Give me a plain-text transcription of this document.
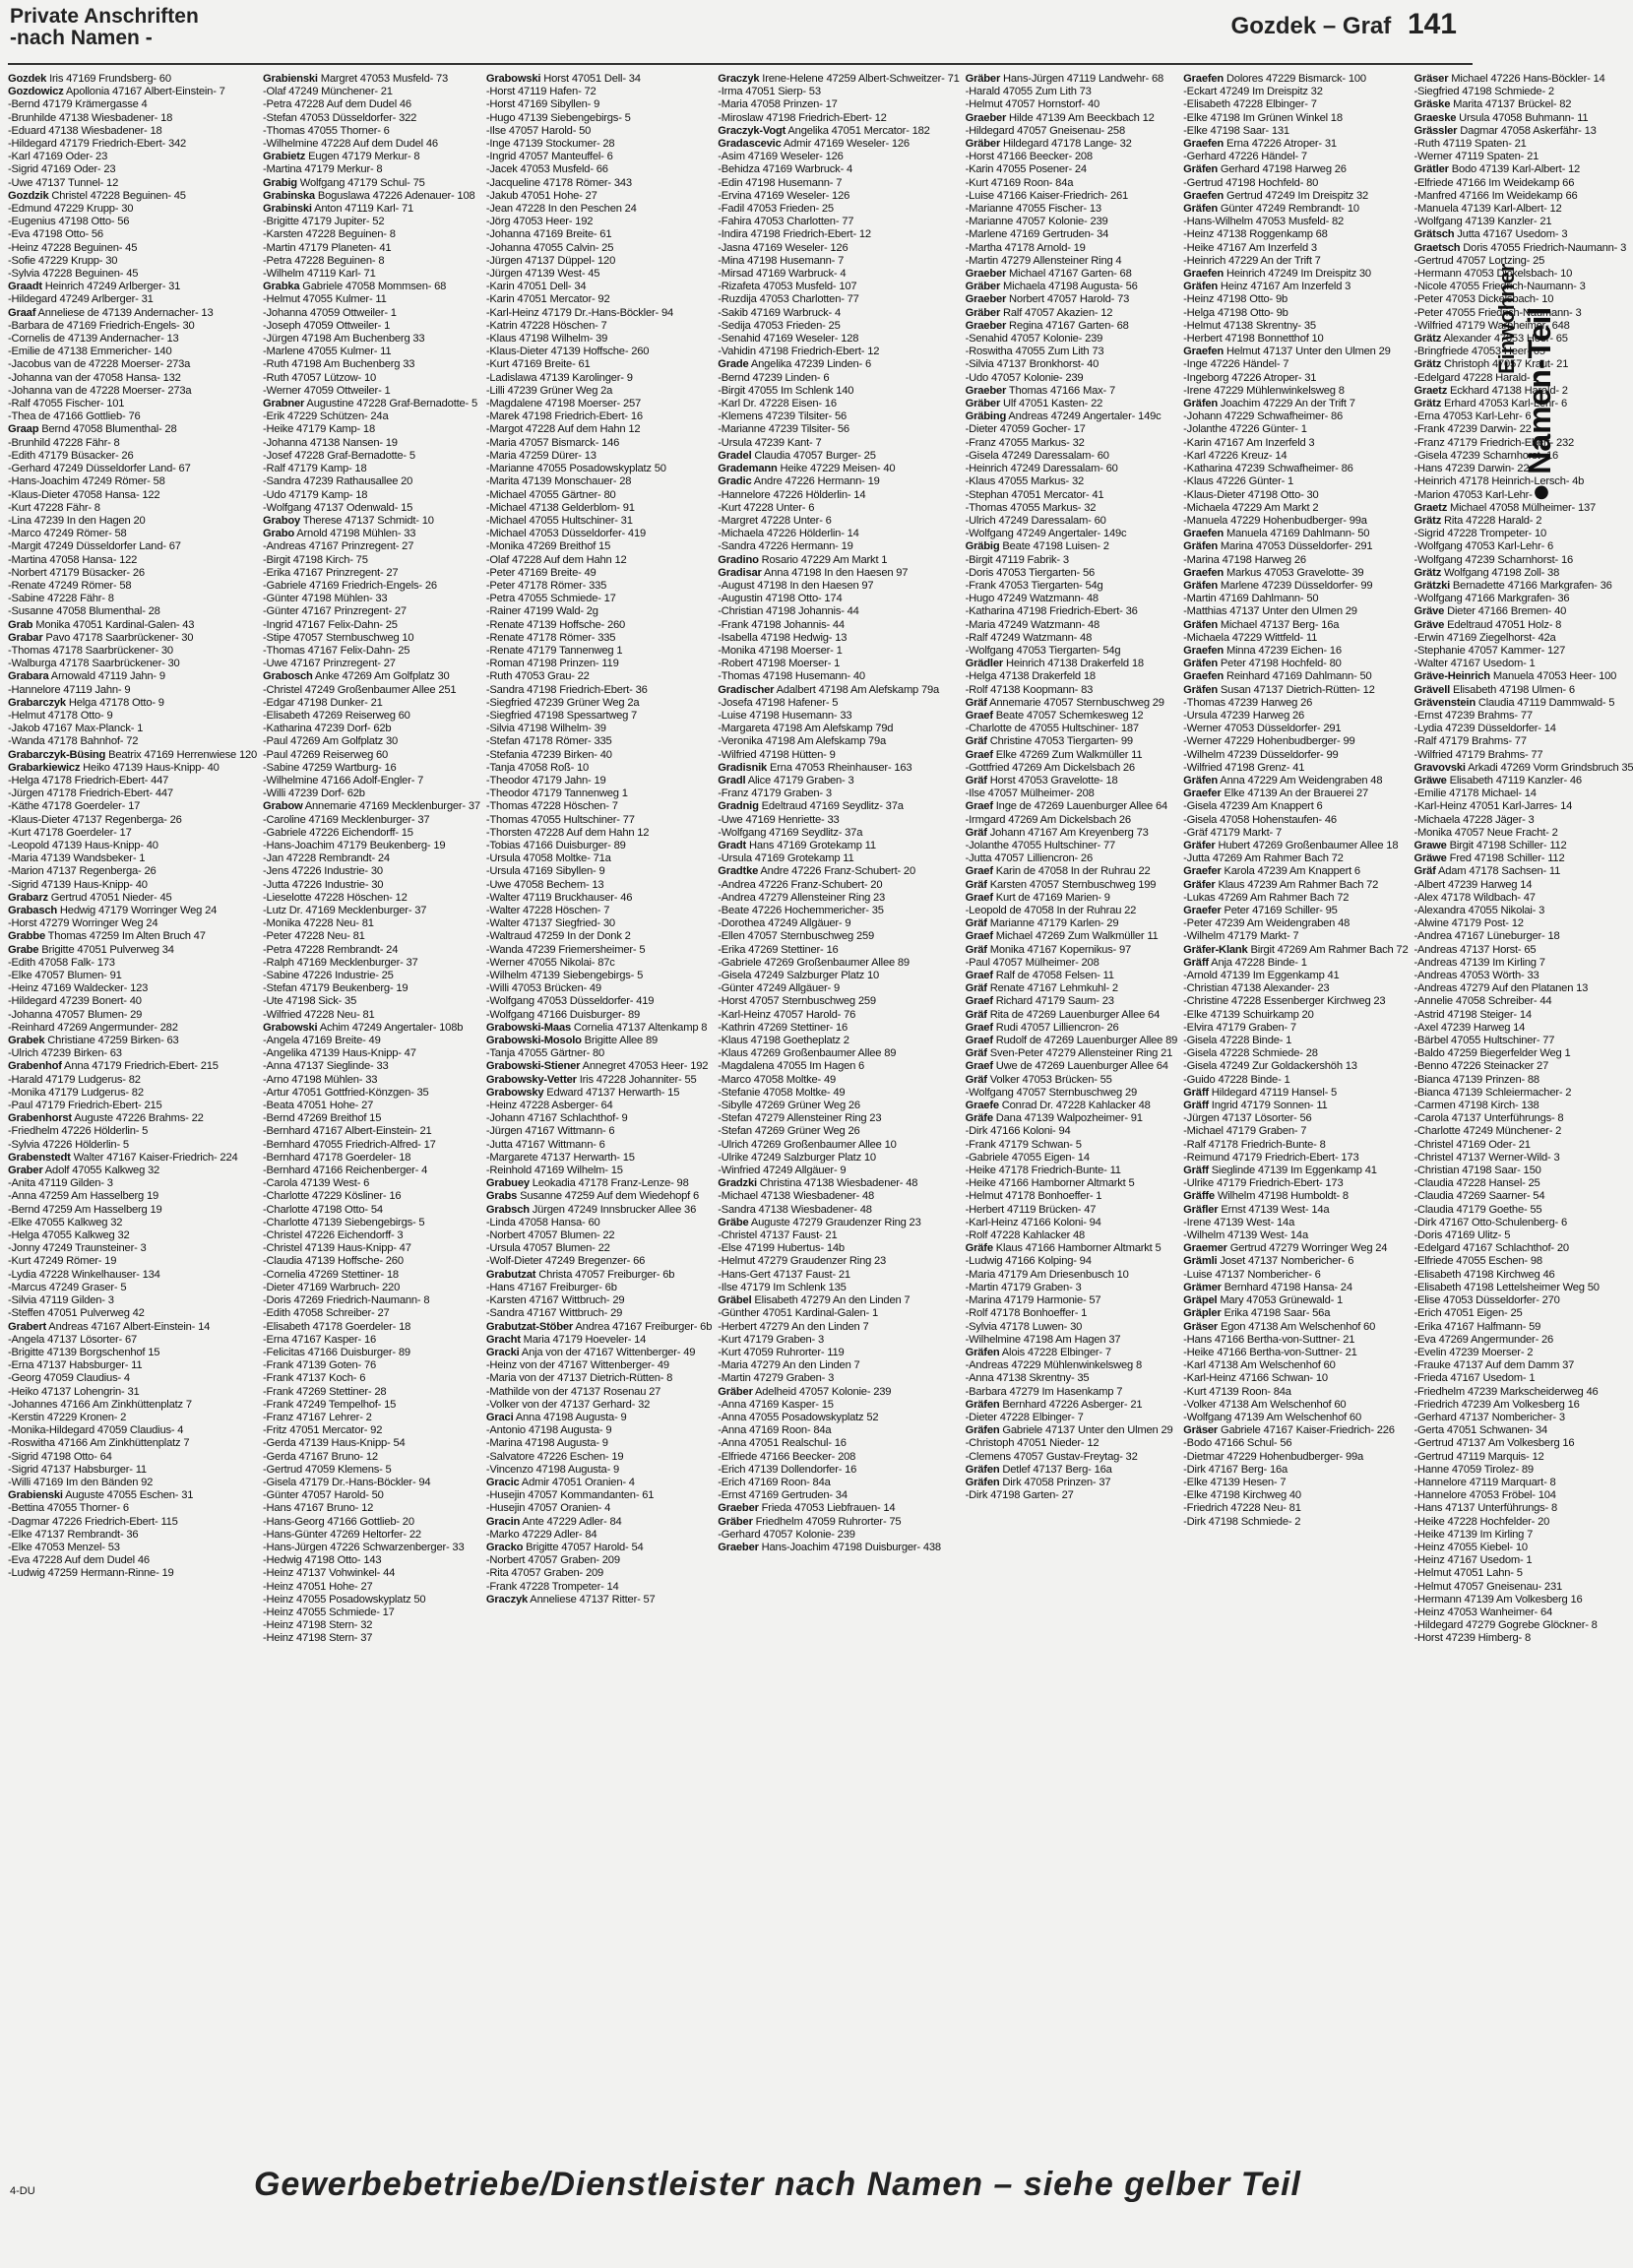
Private Anschriften
-nach Namen -	Gozdek – Graf 141
Einwohner ● Namen-Teil
Gozdek Iris 47169 Frundsberg- 60
Gozdowicz Apollonia 47167 Albert-Einstein- 7
-Bernd 47179 Krämergasse 4
-Brunhilde 47138 Wiesbadener- 18
-Eduard 47138 Wiesbadener- 18
-Hildegard 47179 Friedrich-Ebert- 342
-Karl 47169 Oder- 23
-Sigrid 47169 Oder- 23
-Uwe 47137 Tunnel- 12
Gozdzik Christel 47228 Beguinen- 45
-Edmund 47229 Krupp- 30
-Eugenius 47198 Otto- 56
-Eva 47198 Otto- 56
-Heinz 47228 Beguinen- 45
-Sofie 47229 Krupp- 30
-Sylvia 47228 Beguinen- 45
Graadt Heinrich 47249 Arlberger- 31
-Hildegard 47249 Arlberger- 31
Graaf Anneliese de 47139 Andernacher- 13
-Barbara de 47169 Friedrich-Engels- 30
-Cornelis de 47139 Andernacher- 13
-Emilie de 47138 Emmericher- 140
-Jacobus van de 47228 Moerser- 273a
-Johanna van der 47058 Hansa- 132
-Johanna van de 47228 Moerser- 273a
-Ralf 47055 Fischer- 101
-Thea de 47166 Gottlieb- 76
Graap Bernd 47058 Blumenthal- 28
-Brunhild 47228 Fähr- 8
-Edith 47179 Büsacker- 26
-Gerhard 47249 Düsseldorfer Land- 67
-Hans-Joachim 47249 Römer- 58
-Klaus-Dieter 47058 Hansa- 122
-Kurt 47228 Fähr- 8
-Lina 47239 In den Hagen 20
-Marco 47249 Römer- 58
-Margit 47249 Düsseldorfer Land- 67
-Martina 47058 Hansa- 122
-Norbert 47179 Büsacker- 26
-Renate 47249 Römer- 58
-Sabine 47228 Fähr- 8
-Susanne 47058 Blumenthal- 28
Grab Monika 47051 Kardinal-Galen- 43
Grabar Pavo 47178 Saarbrückener- 30
-Thomas 47178 Saarbrückener- 30
-Walburga 47178 Saarbrückener- 30
Grabara Arnowald 47119 Jahn- 9
-Hannelore 47119 Jahn- 9
Grabarczyk Helga 47178 Otto- 9
-Helmut 47178 Otto- 9
-Jakob 47167 Max-Planck- 1
-Wanda 47178 Bahnhof- 72
Grabarczyk-Büsing Beatrix 47169 Herrenwiese 120
Grabarkiewicz Heiko 47139 Haus-Knipp- 40
-Helga 47178 Friedrich-Ebert- 447
-Jürgen 47178 Friedrich-Ebert- 447
-Käthe 47178 Goerdeler- 17
-Klaus-Dieter 47137 Regenberga- 26
-Kurt 47178 Goerdeler- 17
-Leopold 47139 Haus-Knipp- 40
-Maria 47139 Wandsbeker- 1
-Marion 47137 Regenberga- 26
-Sigrid 47139 Haus-Knipp- 40
Grabarz Gertrud 47051 Nieder- 45
Grabasch Hedwig 47179 Worringer Weg 24
-Horst 47279 Worringer Weg 24
Grabbe Thomas 47259 Im Alten Bruch 47
Grabe Brigitte 47051 Pulverweg 34
-Edith 47058 Falk- 173
-Elke 47057 Blumen- 91
-Heinz 47169 Waldecker- 123
-Hildegard 47239 Bonert- 40
-Johanna 47057 Blumen- 29
-Reinhard 47269 Angermunder- 282
Grabek Christiane 47259 Birken- 63
-Ulrich 47239 Birken- 63
Grabenhof Anna 47179 Friedrich-Ebert- 215
-Harald 47179 Ludgerus- 82
-Monika 47179 Ludgerus- 82
-Paul 47179 Friedrich-Ebert- 215
Grabenhorst Auguste 47226 Brahms- 22
-Friedhelm 47226 Hölderlin- 5
-Sylvia 47226 Hölderlin- 5
Grabenstedt Walter 47167 Kaiser-Friedrich- 224
Graber Adolf 47055 Kalkweg 32
-Anita 47119 Gilden- 3
-Anna 47259 Am Hasselberg 19
-Bernd 47259 Am Hasselberg 19
-Elke 47055 Kalkweg 32
-Helga 47055 Kalkweg 32
-Jonny 47249 Traunsteiner- 3
-Kurt 47249 Römer- 19
-Lydia 47228 Winkelhauser- 134
-Marcus 47249 Graser- 5
-Silvia 47119 Gilden- 3
-Steffen 47051 Pulverweg 42
Grabert Andreas 47167 Albert-Einstein- 14
-Angela 47137 Lösorter- 67
-Brigitte 47139 Borgschenhof 15
-Erna 47137 Habsburger- 11
-Georg 47059 Claudius- 4
-Heiko 47137 Lohengrin- 31
-Johannes 47166 Am Zinkhüttenplatz 7
-Kerstin 47229 Kronen- 2
-Monika-Hildegard 47059 Claudius- 4
-Roswitha 47166 Am Zinkhüttenplatz 7
-Sigrid 47198 Otto- 64
-Sigrid 47137 Habsburger- 11
-Willi 47169 Im den Bänden 92
Grabienski Auguste 47055 Eschen- 31
-Bettina 47055 Thorner- 6
-Dagmar 47226 Friedrich-Ebert- 115
-Elke 47137 Rembrandt- 36
-Elke 47053 Menzel- 53
-Eva 47228 Auf dem Dudel 46
-Ludwig 47259 Hermann-Rinne- 19
Grabienski Margret 47053 Musfeld- 73
-Olaf 47249 Münchener- 21
-Petra 47228 Auf dem Dudel 46
-Stefan 47053 Düsseldorfer- 322
-Thomas 47055 Thorner- 6
-Wilhelmine 47228 Auf dem Dudel 46
Grabietz Eugen 47179 Merkur- 8
-Martina 47179 Merkur- 8
Grabig Wolfgang 47179 Schul- 75
Grabinska Boguslawa 47226 Adenauer- 108
Grabinski Anton 47119 Karl- 71
-Brigitte 47179 Jupiter- 52
-Karsten 47228 Beguinen- 8
-Martin 47179 Planeten- 41
-Petra 47228 Beguinen- 8
-Wilhelm 47119 Karl- 71
Grabka Gabriele 47058 Mommsen- 68
-Helmut 47055 Kulmer- 11
-Johanna 47059 Ottweiler- 1
-Joseph 47059 Ottweiler- 1
-Jürgen 47198 Am Buchenberg 33
-Marlene 47055 Kulmer- 11
-Ruth 47198 Am Buchenberg 33
-Ruth 47057 Lützow- 10
-Werner 47059 Ottweiler- 1
Grabner Augustine 47228 Graf-Bernadotte- 5
-Erik 47229 Schützen- 24a
-Heike 47179 Kamp- 18
-Johanna 47138 Nansen- 19
-Josef 47228 Graf-Bernadotte- 5
-Ralf 47179 Kamp- 18
-Sandra 47239 Rathausallee 20
-Udo 47179 Kamp- 18
-Wolfgang 47137 Odenwald- 15
Graboy Therese 47137 Schmidt- 10
Grabo Arnold 47198 Mühlen- 33
-Andreas 47167 Prinzregent- 27
-Birgit 47198 Kirch- 75
-Erika 47167 Prinzregent- 27
-Gabriele 47169 Friedrich-Engels- 26
-Günter 47198 Mühlen- 33
-Günter 47167 Prinzregent- 27
-Ingrid 47167 Felix-Dahn- 25
-Stipe 47057 Sternbuschweg 10
-Thomas 47167 Felix-Dahn- 25
-Uwe 47167 Prinzregent- 27
Grabosch Anke 47269 Am Golfplatz 30
-Christel 47249 Großenbaumer Allee 251
-Edgar 47198 Dunker- 21
-Elisabeth 47269 Reiserweg 60
-Katharina 47239 Dorf- 62b
-Paul 47269 Am Golfplatz 30
-Paul 47269 Reiserweg 60
-Sabine 47259 Wartburg- 16
-Wilhelmine 47166 Adolf-Engler- 7
-Willi 47239 Dorf- 62b
Grabow Annemarie 47169 Mecklenburger- 37
-Caroline 47169 Mecklenburger- 37
-Gabriele 47226 Eichendorff- 15
-Hans-Joachim 47179 Beukenberg- 19
-Jan 47228 Rembrandt- 24
-Jens 47226 Industrie- 30
-Jutta 47226 Industrie- 30
-Lieselotte 47228 Höschen- 12
-Lutz Dr. 47169 Mecklenburger- 37
-Monika 47228 Neu- 81
-Peter 47228 Neu- 81
-Petra 47228 Rembrandt- 24
-Ralph 47169 Mecklenburger- 37
-Sabine 47226 Industrie- 25
-Stefan 47179 Beukenberg- 19
-Ute 47198 Sick- 35
-Wilfried 47228 Neu- 81
Grabowski Achim 47249 Angertaler- 108b
-Angela 47169 Breite- 49
-Angelika 47139 Haus-Knipp- 47
-Anna 47137 Sieglinde- 33
-Arno 47198 Mühlen- 33
-Artur 47051 Gottfried-Könzgen- 35
-Beata 47051 Hohe- 27
-Bernd 47269 Breithof 15
-Bernhard 47167 Albert-Einstein- 21
-Bernhard 47055 Friedrich-Alfred- 17
-Bernhard 47178 Goerdeler- 18
-Bernhard 47166 Reichenberger- 4
-Carola 47139 West- 6
-Charlotte 47229 Kösliner- 16
-Charlotte 47198 Otto- 54
-Charlotte 47139 Siebengebirgs- 5
-Christel 47226 Eichendorff- 3
-Christel 47139 Haus-Knipp- 47
-Claudia 47139 Hoffsche- 260
-Cornelia 47269 Stettiner- 18
-Dieter 47169 Warbruch- 220
-Doris 47269 Friedrich-Naumann- 8
-Edith 47058 Schreiber- 27
-Elisabeth 47178 Goerdeler- 18
-Erna 47167 Kasper- 16
-Felicitas 47166 Duisburger- 89
-Frank 47139 Goten- 76
-Frank 47137 Koch- 6
-Frank 47269 Stettiner- 28
-Frank 47249 Tempelhof- 15
-Franz 47167 Lehrer- 2
-Fritz 47051 Mercator- 92
-Gerda 47139 Haus-Knipp- 54
-Gerda 47167 Bruno- 12
-Gertrud 47059 Klemens- 5
-Gisela 47179 Dr.-Hans-Böckler- 94
-Günter 47057 Harold- 50
-Hans 47167 Bruno- 12
-Hans-Georg 47166 Gottlieb- 20
-Hans-Günter 47269 Heltorfer- 22
-Hans-Jürgen 47226 Schwarzenberger- 33
-Hedwig 47198 Otto- 143
-Heinz 47137 Vohwinkel- 44
-Heinz 47051 Hohe- 27
-Heinz 47055 Posadowskyplatz 50
-Heinz 47055 Schmiede- 17
-Heinz 47198 Stern- 32
-Heinz 47198 Stern- 37
Grabowski Horst 47051 Dell- 34
-Horst 47119 Hafen- 72
-Horst 47169 Sibyllen- 9
-Hugo 47139 Siebengebirgs- 5
-Ilse 47057 Harold- 50
-Inge 47139 Stockumer- 28
-Ingrid 47057 Manteuffel- 6
-Jacek 47053 Musfeld- 66
-Jacqueline 47178 Römer- 343
-Jakub 47051 Hohe- 27
-Jean 47228 In den Peschen 24
-Jörg 47053 Heer- 192
-Johanna 47169 Breite- 61
-Johanna 47055 Calvin- 25
-Jürgen 47137 Düppel- 120
-Jürgen 47139 West- 45
-Karin 47051 Dell- 34
-Karin 47051 Mercator- 92
-Karl-Heinz 47179 Dr.-Hans-Böckler- 94
-Katrin 47228 Höschen- 7
-Klaus 47198 Wilhelm- 39
-Klaus-Dieter 47139 Hoffsche- 260
-Kurt 47169 Breite- 61
-Ladislawa 47139 Karolinger- 9
-Lilli 47239 Grüner Weg 2a
-Magdalene 47198 Moerser- 257
-Marek 47198 Friedrich-Ebert- 16
-Margot 47228 Auf dem Hahn 12
-Maria 47057 Bismarck- 146
-Maria 47259 Dürer- 13
-Marianne 47055 Posadowskyplatz 50
-Marita 47139 Monschauer- 28
-Michael 47055 Gärtner- 80
-Michael 47138 Gelderblom- 91
-Michael 47055 Hultschiner- 31
-Michael 47053 Düsseldorfer- 419
-Monika 47269 Breithof 15
-Olaf 47228 Auf dem Hahn 12
-Peter 47169 Breite- 49
-Peter 47178 Römer- 335
-Petra 47055 Schmiede- 17
-Rainer 47199 Wald- 2g
-Renate 47139 Hoffsche- 260
-Renate 47178 Römer- 335
-Renate 47179 Tannenweg 1
-Roman 47198 Prinzen- 119
-Ruth 47053 Grau- 22
-Sandra 47198 Friedrich-Ebert- 36
-Siegfried 47239 Grüner Weg 2a
-Siegfried 47198 Spessartweg 7
-Silvia 47198 Wilhelm- 39
-Stefan 47178 Römer- 335
-Stefania 47239 Birken- 40
-Tanja 47058 Roß- 10
-Theodor 47179 Jahn- 19
-Theodor 47179 Tannenweg 1
-Thomas 47228 Höschen- 7
-Thomas 47055 Hultschiner- 77
-Thorsten 47228 Auf dem Hahn 12
-Tobias 47166 Duisburger- 89
-Ursula 47058 Moltke- 71a
-Ursula 47169 Sibyllen- 9
-Uwe 47058 Bechem- 13
-Walter 47119 Bruckhauser- 46
-Walter 47228 Höschen- 7
-Walter 47137 Siegfried- 30
-Waltraud 47259 In der Donk 2
-Wanda 47239 Friemersheimer- 5
-Werner 47055 Nikolai- 87c
-Wilhelm 47139 Siebengebirgs- 5
-Willi 47053 Brücken- 49
-Wolfgang 47053 Düsseldorfer- 419
-Wolfgang 47166 Duisburger- 89
Grabowski-Maas Cornelia 47137 Altenkamp 8
Grabowski-Mosolo Brigitte Allee 89
-Tanja 47055 Gärtner- 80
Grabowski-Stiener Annegret 47053 Heer- 192
Grabowsky-Vetter Iris 47228 Johanniter- 55
Grabowsky Edward 47137 Herwarth- 15
-Heinz 47228 Asberger- 64
-Johann 47167 Schlachthof- 9
-Jürgen 47167 Wittmann- 6
-Jutta 47167 Wittmann- 6
-Margarete 47137 Herwarth- 15
-Reinhold 47169 Wilhelm- 15
Grabuey Leokadia 47178 Franz-Lenze- 98
Grabs Susanne 47259 Auf dem Wiedehopf 6
Grabsch Jürgen 47249 Innsbrucker Allee 36
-Linda 47058 Hansa- 60
-Norbert 47057 Blumen- 22
-Ursula 47057 Blumen- 22
-Wolf-Dieter 47249 Bregenzer- 66
Grabutzat Christa 47057 Freiburger- 6b
-Hans 47167 Freiburger- 6b
-Karsten 47167 Wittbruch- 29
-Sandra 47167 Wittbruch- 29
Grabutzat-Stöber Andrea 47167 Freiburger- 6b
Gracht Maria 47179 Hoeveler- 14
Gracki Anja von der 47167 Wittenberger- 49
-Heinz von der 47167 Wittenberger- 49
-Maria von der 47137 Dietrich-Rütten- 8
-Mathilde von der 47137 Rosenau 27
-Volker von der 47137 Gerhard- 32
Graci Anna 47198 Augusta- 9
-Antonio 47198 Augusta- 9
-Marina 47198 Augusta- 9
-Salvatore 47226 Eschen- 19
-Vincenzo 47198 Augusta- 9
Gracic Admir 47051 Oranien- 4
-Husejin 47057 Kommandanten- 61
-Husejin 47057 Oranien- 4
Gracin Ante 47229 Adler- 84
-Marko 47229 Adler- 84
Gracko Brigitte 47057 Harold- 54
-Norbert 47057 Graben- 209
-Rita 47057 Graben- 209
-Frank 47228 Trompeter- 14
Graczyk Anneliese 47137 Ritter- 57
Graczyk Irene-Helene 47259 Albert-Schweitzer- 71
-Irma 47051 Sierp- 53
-Maria 47058 Prinzen- 17
-Miroslaw 47198 Friedrich-Ebert- 12
Graczyk-Vogt Angelika 47051 Mercator- 182
Gradascevic Admir 47169 Weseler- 126
-Asim 47169 Weseler- 126
-Behidza 47169 Warbruck- 4
-Edin 47198 Husemann- 7
-Ervina 47169 Weseler- 126
-Fadil 47053 Frieden- 25
-Fahira 47053 Charlotten- 77
-Indira 47198 Friedrich-Ebert- 12
-Jasna 47169 Weseler- 126
-Mina 47198 Husemann- 7
-Mirsad 47169 Warbruck- 4
-Rizafeta 47053 Musfeld- 107
-Ruzdija 47053 Charlotten- 77
-Sakib 47169 Warbruck- 4
-Sedija 47053 Frieden- 25
-Senahid 47169 Weseler- 128
-Vahidin 47198 Friedrich-Ebert- 12
Grade Angelika 47239 Linden- 6
-Bernd 47239 Linden- 6
-Birgit 47055 Im Schlenk 140
-Karl Dr. 47228 Eisen- 16
-Klemens 47239 Tilsiter- 56
-Marianne 47239 Tilsiter- 56
-Ursula 47239 Kant- 7
Gradel Claudia 47057 Burger- 25
Grademann Heike 47229 Meisen- 40
Gradic Andre 47226 Hermann- 19
-Hannelore 47226 Hölderlin- 14
-Kurt 47228 Unter- 6
-Margret 47228 Unter- 6
-Michaela 47226 Hölderlin- 14
-Sandra 47226 Hermann- 19
Gradino Rosario 47229 Am Markt 1
Gradisar Anna 47198 In den Haesen 97
-August 47198 In den Haesen 97
-Augustin 47198 Otto- 174
-Christian 47198 Johannis- 44
-Frank 47198 Johannis- 44
-Isabella 47198 Hedwig- 13
-Monika 47198 Moerser- 1
-Robert 47198 Moerser- 1
-Thomas 47198 Husemann- 40
Gradischer Adalbert 47198 Am Alefskamp 79a
-Josefa 47198 Hafener- 5
-Luise 47198 Husemann- 33
-Margareta 47198 Am Alefskamp 79d
-Veronika 47198 Am Alefskamp 79a
-Wilfried 47198 Hütten- 9
Gradisnik Erna 47053 Rheinhauser- 163
Gradl Alice 47179 Graben- 3
-Franz 47179 Graben- 3
Gradnig Edeltraud 47169 Seydlitz- 37a
-Uwe 47169 Henriette- 33
-Wolfgang 47169 Seydlitz- 37a
Gradt Hans 47169 Grotekamp 11
-Ursula 47169 Grotekamp 11
Gradtke Andre 47226 Franz-Schubert- 20
-Andrea 47226 Franz-Schubert- 20
-Andrea 47279 Allensteiner Ring 23
-Beate 47226 Hochemmericher- 35
-Dorothea 47249 Allgäuer- 9
-Ellen 47057 Sternbuschweg 259
-Erika 47269 Stettiner- 16
-Gabriele 47269 Großenbaumer Allee 89
-Gisela 47249 Salzburger Platz 10
-Günter 47249 Allgäuer- 9
-Horst 47057 Sternbuschweg 259
-Karl-Heinz 47057 Harold- 76
-Kathrin 47269 Stettiner- 16
-Klaus 47198 Goetheplatz 2
-Klaus 47269 Großenbaumer Allee 89
-Magdalena 47055 Im Hagen 6
-Marco 47058 Moltke- 49
-Stefanie 47058 Moltke- 49
-Sibylle 47269 Grüner Weg 26
-Stefan 47279 Allensteiner Ring 23
-Stefan 47269 Grüner Weg 26
-Ulrich 47269 Großenbaumer Allee 10
-Ulrike 47249 Salzburger Platz 10
-Winfried 47249 Allgäuer- 9
Gradzki Christina 47138 Wiesbadener- 48
-Michael 47138 Wiesbadener- 48
-Sandra 47138 Wiesbadener- 48
Gräbe Auguste 47279 Graudenzer Ring 23
-Christel 47137 Faust- 21
-Else 47199 Hubertus- 14b
-Helmut 47279 Graudenzer Ring 23
-Hans-Gert 47137 Faust- 21
-Ilse 47179 Im Schlenk 135
Gräbel Elisabeth 47279 An den Linden 7
-Günther 47051 Kardinal-Galen- 1
-Herbert 47279 An den Linden 7
-Kurt 47179 Graben- 3
-Kurt 47059 Ruhrorter- 119
-Maria 47279 An den Linden 7
-Martin 47279 Graben- 3
Gräber Adelheid 47057 Kolonie- 239
-Anna 47169 Kasper- 15
-Anna 47055 Posadowskyplatz 52
-Anna 47169 Roon- 84a
-Anna 47051 Realschul- 16
-Elfriede 47166 Beecker- 208
-Erich 47139 Dollendorfer- 16
-Erich 47169 Roon- 84a
-Ernst 47169 Gertruden- 34
Graeber Frieda 47053 Liebfrauen- 14
Gräber Friedhelm 47059 Ruhrorter- 75
-Gerhard 47057 Kolonie- 239
Graeber Hans-Joachim 47198 Duisburger- 438
Gräber Hans-Jürgen 47119 Landwehr- 68
-Harald 47055 Zum Lith 73
-Helmut 47057 Hornstorf- 40
Graeber Hilde 47139 Am Beeckbach 12
-Hildegard 47057 Gneisenau- 258
Gräber Hildegard 47178 Lange- 32
-Horst 47166 Beecker- 208
-Karin 47055 Posener- 24
-Kurt 47169 Roon- 84a
-Luise 47166 Kaiser-Friedrich- 261
-Marianne 47055 Fischer- 13
-Marianne 47057 Kolonie- 239
-Marlene 47169 Gertruden- 34
-Martha 47178 Arnold- 19
-Martin 47279 Allensteiner Ring 4
Graeber Michael 47167 Garten- 68
Gräber Michaela 47198 Augusta- 56
Graeber Norbert 47057 Harold- 73
Gräber Ralf 47057 Akazien- 12
Graeber Regina 47167 Garten- 68
-Senahid 47057 Kolonie- 239
-Roswitha 47055 Zum Lith 73
-Silvia 47137 Bronkhorst- 40
-Udo 47057 Kolonie- 239
Graeber Thomas 47166 Max- 7
Gräber Ulf 47051 Kasten- 22
Gräbing Andreas 47249 Angertaler- 149c
-Dieter 47059 Gocher- 17
-Franz 47055 Markus- 32
-Gisela 47249 Daressalam- 60
-Heinrich 47249 Daressalam- 60
-Klaus 47055 Markus- 32
-Stephan 47051 Mercator- 41
-Thomas 47055 Markus- 32
-Ulrich 47249 Daressalam- 60
-Wolfgang 47249 Angertaler- 149c
Gräbig Beate 47198 Luisen- 2
-Birgit 47119 Fabrik- 3
-Doris 47053 Tiergarten- 56
-Frank 47053 Tiergarten- 54g
-Hugo 47249 Watzmann- 48
-Katharina 47198 Friedrich-Ebert- 36
-Maria 47249 Watzmann- 48
-Ralf 47249 Watzmann- 48
-Wolfgang 47053 Tiergarten- 54g
Grädler Heinrich 47138 Drakerfeld 18
-Helga 47138 Drakerfeld 18
-Rolf 47138 Koopmann- 83
Gräf Annemarie 47057 Sternbuschweg 29
Graef Beate 47057 Schemkesweg 12
-Charlotte de 47055 Hultschiner- 187
Gräf Christine 47053 Tiergarten- 99
Graef Elke 47269 Zum Walkmüller 11
-Gottfried 47269 Am Dickelsbach 26
Gräf Horst 47053 Gravelotte- 18
-Ilse 47057 Mülheimer- 208
Graef Inge de 47269 Lauenburger Allee 64
-Irmgard 47269 Am Dickelsbach 26
Gräf Johann 47167 Am Kreyenberg 73
-Jolanthe 47055 Hultschiner- 77
-Jutta 47057 Lilliencron- 26
Graef Karin de 47058 In der Ruhrau 22
Gräf Karsten 47057 Sternbuschweg 199
Graef Kurt de 47169 Marien- 9
-Leopold de 47058 In der Ruhrau 22
Gräf Marianne 47179 Karlen- 29
Graef Michael 47269 Zum Walkmüller 11
Gräf Monika 47167 Kopernikus- 97
-Paul 47057 Mülheimer- 208
Graef Ralf de 47058 Felsen- 11
Gräf Renate 47167 Lehmkuhl- 2
Graef Richard 47179 Saum- 23
Gräf Rita de 47269 Lauenburger Allee 64
Graef Rudi 47057 Lilliencron- 26
Graef Rudolf de 47269 Lauenburger Allee 89
Gräf Sven-Peter 47279 Allensteiner Ring 21
Graef Uwe de 47269 Lauenburger Allee 64
Gräf Volker 47053 Brücken- 55
-Wolfgang 47057 Sternbuschweg 29
Graefe Conrad Dr. 47228 Kahlacker 48
Gräfe Dana 47139 Walpozheimer- 91
-Dirk 47166 Koloni- 94
-Frank 47179 Schwan- 5
-Gabriele 47055 Eigen- 14
-Heike 47178 Friedrich-Bunte- 11
-Heike 47166 Hamborner Altmarkt 5
-Helmut 47178 Bonhoeffer- 1
-Herbert 47119 Brücken- 47
-Karl-Heinz 47166 Koloni- 94
-Rolf 47228 Kahlacker 48
Gräfe Klaus 47166 Hamborner Altmarkt 5
-Ludwig 47166 Kolping- 94
-Maria 47179 Am Driesenbusch 10
-Martin 47179 Graben- 3
-Marina 47179 Harmonie- 57
-Rolf 47178 Bonhoeffer- 1
-Sylvia 47178 Luwen- 30
-Wilhelmine 47198 Am Hagen 37
Gräfen Alois 47228 Elbinger- 7
-Andreas 47229 Mühlenwinkelsweg 8
-Anna 47138 Skrentny- 35
-Barbara 47279 Im Hasenkamp 7
Gräfen Bernhard 47226 Asberger- 21
-Dieter 47228 Elbinger- 7
Gräfen Gabriele 47137 Unter den Ulmen 29
-Christoph 47051 Nieder- 12
-Clemens 47057 Gustav-Freytag- 32
Gräfen Detlef 47137 Berg- 16a
Gräfen Dirk 47058 Prinzen- 37
-Dirk 47198 Garten- 27
Graefen Dolores 47229 Bismarck- 100
-Eckart 47249 Im Dreispitz 32
-Elisabeth 47228 Elbinger- 7
-Elke 47198 Im Grünen Winkel 18
-Elke 47198 Saar- 131
Graefen Erna 47226 Atroper- 31
-Gerhard 47226 Händel- 7
Gräfen Gerhard 47198 Harweg 26
-Gertrud 47198 Hochfeld- 80
Graefen Gertrud 47249 Im Dreispitz 32
Gräfen Günter 47249 Rembrandt- 10
-Hans-Wilhelm 47053 Musfeld- 82
-Heinz 47138 Roggenkamp 68
-Heike 47167 Am Inzerfeld 3
-Heinrich 47229 An der Trift 7
Graefen Heinrich 47249 Im Dreispitz 30
Gräfen Heinz 47167 Am Inzerfeld 3
-Heinz 47198 Otto- 9b
-Helga 47198 Otto- 9b
-Helmut 47138 Skrentny- 35
-Herbert 47198 Bonnetthof 10
Graefen Helmut 47137 Unter den Ulmen 29
-Inge 47226 Händel- 7
-Ingeborg 47226 Atroper- 31
-Irene 47229 Mühlenwinkelsweg 8
Gräfen Joachim 47229 An der Trift 7
-Johann 47229 Schwafheimer- 86
-Jolanthe 47226 Günter- 1
-Karin 47167 Am Inzerfeld 3
-Karl 47226 Kreuz- 14
-Katharina 47239 Schwafheimer- 86
-Klaus 47226 Günter- 1
-Klaus-Dieter 47198 Otto- 30
-Michaela 47229 Am Markt 2
-Manuela 47229 Hohenbudberger- 99a
Graefen Manuela 47169 Dahlmann- 50
Gräfen Marina 47053 Düsseldorfer- 291
-Marina 47198 Harweg 26
Graefen Markus 47053 Gravelotte- 39
Gräfen Marlene 47239 Düsseldorfer- 99
-Martin 47169 Dahlmann- 50
-Matthias 47137 Unter den Ulmen 29
Gräfen Michael 47137 Berg- 16a
-Michaela 47229 Wittfeld- 11
Graefen Minna 47239 Eichen- 16
Gräfen Peter 47198 Hochfeld- 80
Graefen Reinhard 47169 Dahlmann- 50
Gräfen Susan 47137 Dietrich-Rütten- 12
-Thomas 47239 Harweg 26
-Ursula 47239 Harweg 26
-Werner 47053 Düsseldorfer- 291
-Werner 47229 Hohenbudberger- 99
-Wilhelm 47239 Düsseldorfer- 99
-Wilfried 47198 Grenz- 41
Gräfen Anna 47229 Am Weidengraben 48
Graefer Elke 47139 An der Brauerei 27
-Gisela 47239 Am Knappert 6
-Gisela 47058 Hohenstaufen- 46
-Gräf 47179 Markt- 7
Gräfer Hubert 47269 Großenbaumer Allee 18
-Jutta 47269 Am Rahmer Bach 72
Graefer Karola 47239 Am Knappert 6
Gräfer Klaus 47239 Am Rahmer Bach 72
-Lukas 47269 Am Rahmer Bach 72
Graefer Peter 47169 Schiller- 95
-Peter 47239 Am Weidengraben 48
-Wilhelm 47179 Markt- 7
Gräfer-Klank Birgit 47269 Am Rahmer Bach 72
Gräff Anja 47228 Binde- 1
-Arnold 47139 Im Eggenkamp 41
-Christian 47138 Alexander- 23
-Christine 47228 Essenberger Kirchweg 23
-Elke 47139 Schuirkamp 20
-Elvira 47179 Graben- 7
-Gisela 47228 Binde- 1
-Gisela 47228 Schmiede- 28
-Gisela 47249 Zur Goldackershöh 13
-Guido 47228 Binde- 1
Gräff Hildegard 47119 Hansel- 5
Gräff Ingrid 47179 Sonnen- 11
-Jürgen 47137 Lösorter- 56
-Michael 47179 Graben- 7
-Ralf 47178 Friedrich-Bunte- 8
-Reimund 47179 Friedrich-Ebert- 173
Gräff Sieglinde 47139 Im Eggenkamp 41
-Ulrike 47179 Friedrich-Ebert- 173
Gräffe Wilhelm 47198 Humboldt- 8
Gräfler Ernst 47139 West- 14a
-Irene 47139 West- 14a
-Wilhelm 47139 West- 14a
Graemer Gertrud 47279 Worringer Weg 24
Grämli Joset 47137 Nombericher- 6
-Luise 47137 Nombericher- 6
Grämer Bernhard 47198 Hansa- 24
Gräpel Mary 47053 Grünewald- 1
Gräpler Erika 47198 Saar- 56a
Gräser Egon 47138 Am Welschenhof 60
-Hans 47166 Bertha-von-Suttner- 21
-Heike 47166 Bertha-von-Suttner- 21
-Karl 47138 Am Welschenhof 60
-Karl-Heinz 47166 Schwan- 10
-Kurt 47139 Roon- 84a
-Volker 47138 Am Welschenhof 60
-Wolfgang 47139 Am Welschenhof 60
Gräser Gabriele 47167 Kaiser-Friedrich- 226
-Bodo 47166 Schul- 56
-Dietmar 47229 Hohenbudberger- 99a
-Dirk 47167 Berg- 16a
-Elke 47139 Hesen- 7
-Elke 47198 Kirchweg 40
-Friedrich 47228 Neu- 81
-Dirk 47198 Schmiede- 2
Gräser Michael 47226 Hans-Böckler- 14
-Siegfried 47198 Schmiede- 2
Gräske Marita 47137 Brückel- 82
Graeske Ursula 47058 Buhmann- 11
Grässler Dagmar 47058 Askerfähr- 13
-Ruth 47119 Spaten- 21
-Werner 47119 Spaten- 21
Grätler Bodo 47139 Karl-Albert- 12
-Elfriede 47166 Im Weidekamp 66
-Manfred 47166 Im Weidekamp 66
-Manuela 47139 Karl-Albert- 12
-Wolfgang 47139 Kanzler- 21
Grätsch Jutta 47167 Usedom- 3
Graetsch Doris 47055 Friedrich-Naumann- 3
-Gertrud 47057 Lortzing- 25
-Hermann 47053 Dickelsbach- 10
-Nicole 47055 Friedrich-Naumann- 3
-Peter 47053 Dickelsbach- 10
-Peter 47055 Friedrich-Naumann- 3
-Wilfried 47179 Warnheimer- 648
Grätz Alexander 47053 Heer- 65
-Bringfriede 47053 Heer- 65
Grätz Christoph 47057 Kraut- 21
-Edelgard 47228 Harald- 2
Graetz Eckhard 47138 Harald- 2
Grätz Erhard 47053 Karl-Lehr- 6
-Erna 47053 Karl-Lehr- 6
-Frank 47239 Darwin- 22
-Franz 47179 Friedrich-Ebert- 232
-Gisela 47239 Scharnhorst- 16
-Hans 47239 Darwin- 22
-Heinrich 47178 Heinrich-Lersch- 4b
-Marion 47053 Karl-Lehr- 6
Graetz Michael 47058 Mülheimer- 137
Grätz Rita 47228 Harald- 2
-Sigrid 47228 Trompeter- 10
-Wolfgang 47053 Karl-Lehr- 6
-Wolfgang 47239 Scharnhorst- 16
Grätz Wolfgang 47198 Zoll- 38
Grätzki Bernadette 47166 Markgrafen- 36
-Wolfgang 47166 Markgrafen- 36
Gräve Dieter 47166 Bremen- 40
Gräve Edeltraud 47051 Holz- 8
-Erwin 47169 Ziegelhorst- 42a
-Stephanie 47057 Kammer- 127
-Walter 47167 Usedom- 1
Gräve-Heinrich Manuela 47053 Heer- 100
Grävell Elisabeth 47198 Ulmen- 6
Grävenstein Claudia 47119 Dammwald- 5
-Ernst 47239 Brahms- 77
-Lydia 47239 Düsseldorfer- 14
-Ralf 47179 Brahms- 77
-Wilfried 47179 Brahms- 77
Gravovski Arkadi 47269 Vorm Grindsbruch 35
Gräwe Elisabeth 47119 Kanzler- 46
-Emilie 47178 Michael- 14
-Karl-Heinz 47051 Karl-Jarres- 14
-Michaela 47228 Jäger- 3
-Monika 47057 Neue Fracht- 2
Grawe Birgit 47198 Schiller- 112
Gräwe Fred 47198 Schiller- 112
Gräf Adam 47178 Sachsen- 11
-Albert 47239 Harweg 14
-Alex 47178 Wildbach- 47
-Alexandra 47055 Nikolai- 3
-Alwine 47179 Post- 12
-Andrea 47167 Lüneburger- 18
-Andreas 47137 Horst- 65
-Andreas 47139 Im Kirling 7
-Andreas 47053 Wörth- 33
-Andreas 47279 Auf den Platanen 13
-Annelie 47058 Schreiber- 44
-Astrid 47198 Steiger- 14
-Axel 47239 Harweg 14
-Bärbel 47055 Hultschiner- 77
-Baldo 47259 Biegerfelder Weg 1
-Benno 47226 Steinacker 27
-Bianca 47139 Prinzen- 88
-Bianca 47139 Schleiermacher- 2
-Carmen 47198 Kirch- 138
-Carola 47137 Unterführungs- 8
-Charlotte 47249 Münchener- 2
-Christel 47169 Oder- 21
-Christel 47137 Werner-Wild- 3
-Christian 47198 Saar- 150
-Claudia 47228 Hansel- 25
-Claudia 47269 Saarner- 54
-Claudia 47179 Goethe- 55
-Dirk 47167 Otto-Schulenberg- 6
-Doris 47169 Ulitz- 5
-Edelgard 47167 Schlachthof- 20
-Elfriede 47055 Eschen- 98
-Elisabeth 47198 Kirchweg 46
-Elisabeth 47198 Lettelsheimer Weg 50
-Elise 47053 Düsseldorfer- 270
-Erich 47051 Eigen- 25
-Erika 47167 Halfmann- 59
-Eva 47269 Angermunder- 26
-Evelin 47239 Moerser- 2
-Frauke 47137 Auf dem Damm 37
-Frieda 47167 Usedom- 1
-Friedhelm 47239 Markscheiderweg 46
-Friedrich 47239 Am Volkesberg 16
-Gerhard 47137 Nombericher- 3
-Gerta 47051 Schwanen- 34
-Gertrud 47137 Am Volkesberg 16
-Gertrud 47119 Marquis- 12
-Hanne 47059 Tirolez- 89
-Hannelore 47119 Marquart- 8
-Hannelore 47053 Fröbel- 104
-Hans 47137 Unterführungs- 8
-Heike 47228 Hochfelder- 20
-Heike 47139 Im Kirling 7
-Heinz 47055 Kiebel- 10
-Heinz 47167 Usedom- 1
-Helmut 47051 Lahn- 5
-Helmut 47057 Gneisenau- 231
-Hermann 47139 Am Volkesberg 16
-Heinz 47053 Wanheimer- 64
-Hildegard 47279 Gogrebe Glöckner- 8
-Horst 47239 Himberg- 8
4-DU	Gewerbebetriebe/Dienstleister nach Namen – siehe gelber Teil
